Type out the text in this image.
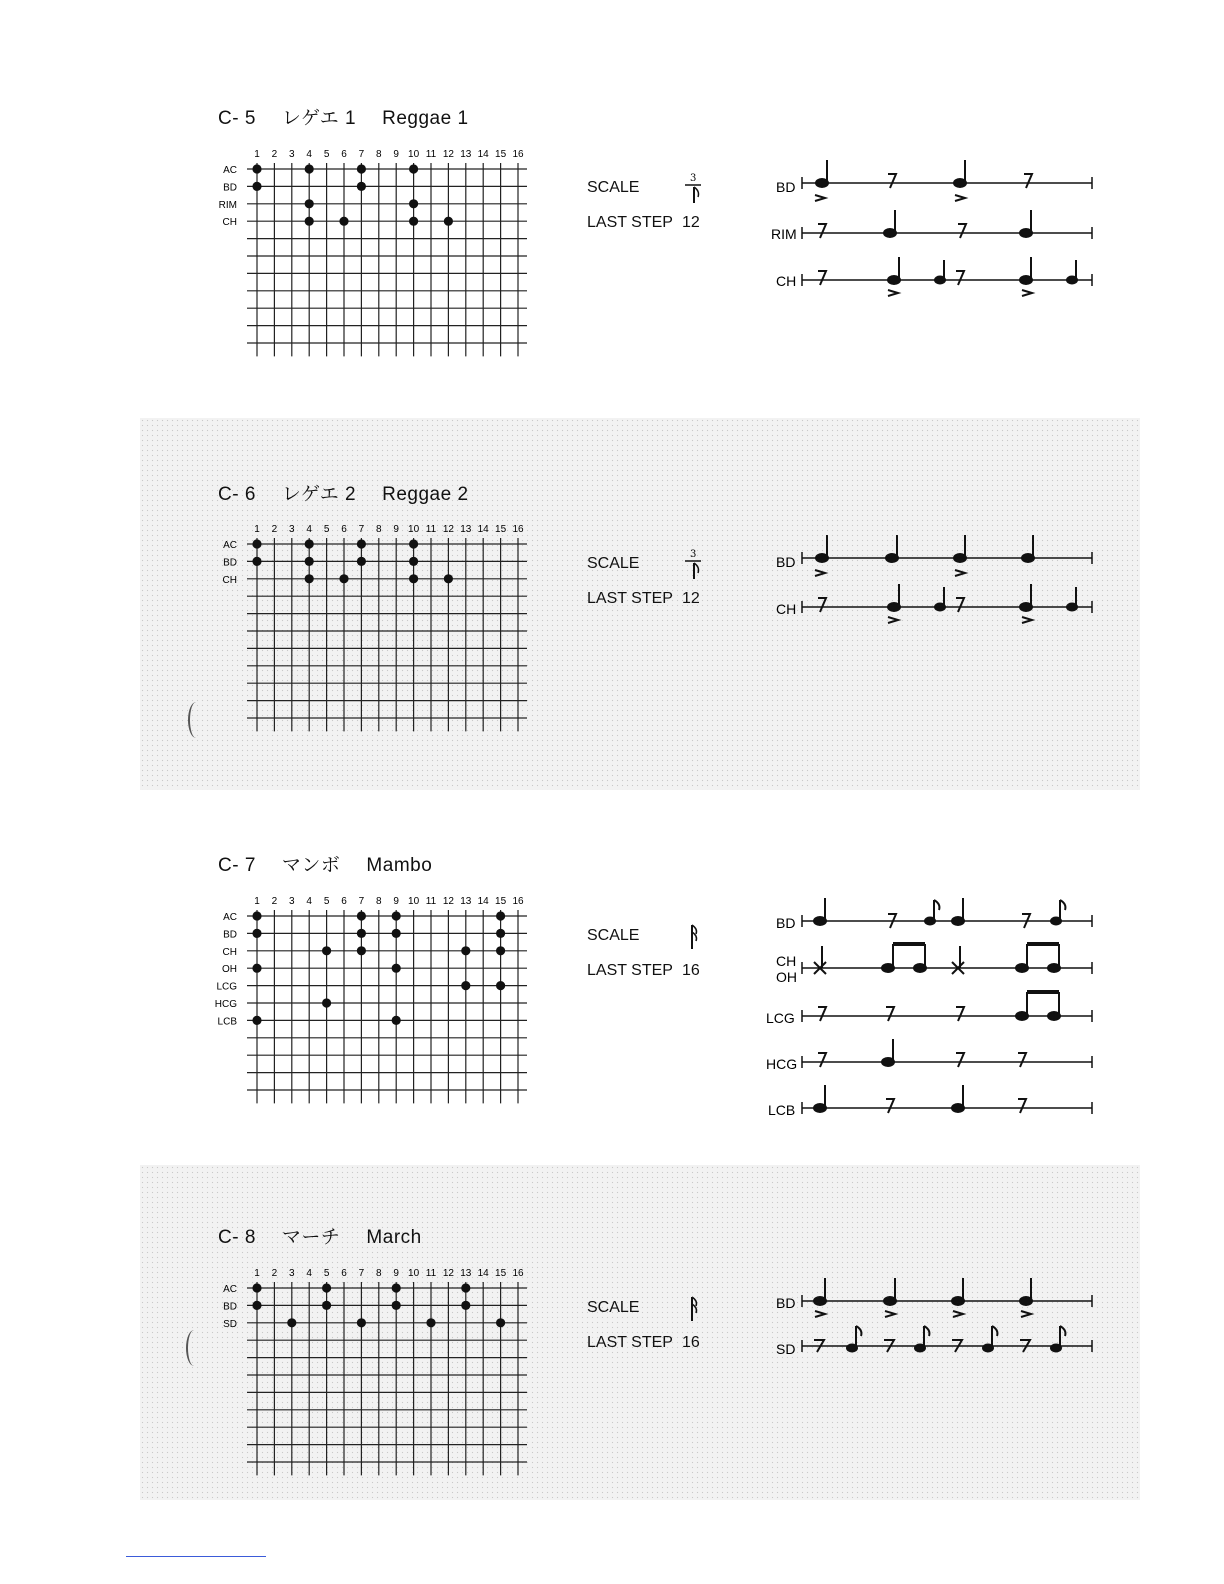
C- 5 レゲエ 1 Reggae 1
1 2 3 4 5 6 7 8 9 10 11 12 13 14 15 16
AC
BD
RIM
CH
SCALE
3
LAST STEP 12
BD
RIM
CH
C- 6 レゲエ 2 Reggae 2
1 2 3 4 5 6 7 8 9 10 11 12 13 14 15 16
AC
BD
CH
SCALE
3
LAST STEP 12
BD
CH
C- 7 マンボ Mambo
1 2 3 4 5 6 7 8 9 10 11 12 13 14 15 16
AC
BD
CH
OH
LCG
HCG
LCB
SCALE
LAST STEP 16
BD
CH
OH
LCG
HCG
LCB
C- 8 マーチ March
1 2 3 4 5 6 7 8 9 10 11 12 13 14 15 16
AC
BD
SD
SCALE
LAST STEP 16
BD
SD
